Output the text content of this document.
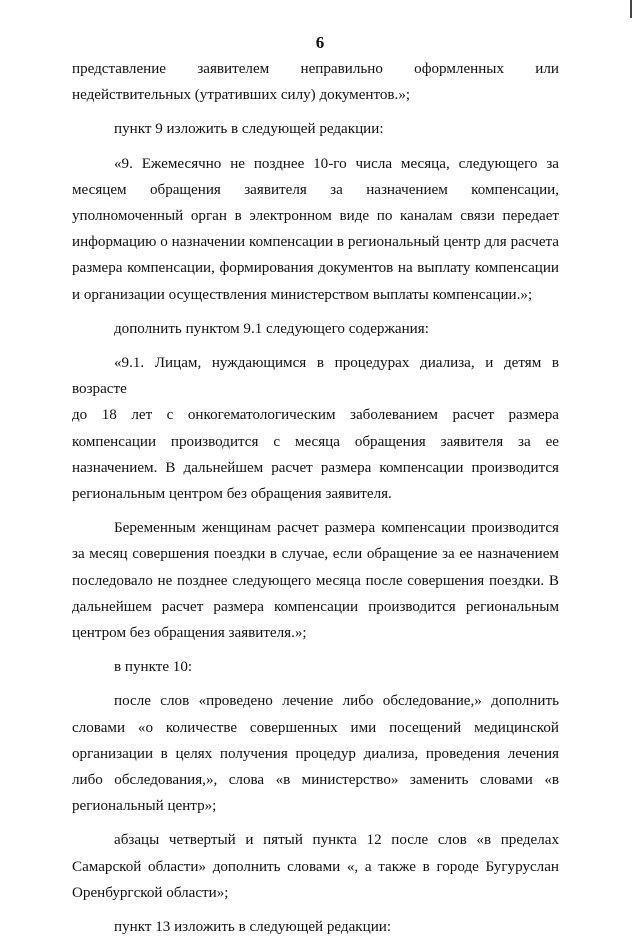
6
представление заявителем неправильно оформленных или
недействительных (утративших силу) документов.»;
пункт 9 изложить в следующей редакции:
«9. Ежемесячно не позднее 10-го числа месяца, следующего за
месяцем обращения заявителя за назначением компенсации,
уполномоченный орган в электронном виде по каналам связи передает
информацию о назначении компенсации в региональный центр для расчета
размера компенсации, формирования документов на выплату компенсации
и организации осуществления министерством выплаты компенсации.»;
дополнить пунктом 9.1 следующего содержания:
«9.1. Лицам, нуждающимся в процедурах диализа, и детям в возрасте
до 18 лет с онкогематологическим заболеванием расчет размера
компенсации производится с месяца обращения заявителя за ее
назначением. В дальнейшем расчет размера компенсации производится
региональным центром без обращения заявителя.
Беременным женщинам расчет размера компенсации производится
за месяц совершения поездки в случае, если обращение за ее назначением
последовало не позднее следующего месяца после совершения поездки. В
дальнейшем расчет размера компенсации производится региональным
центром без обращения заявителя.»;
в пункте 10:
после слов «проведено лечение либо обследование,» дополнить
словами «о количестве совершенных ими посещений медицинской
организации в целях получения процедур диализа, проведения лечения
либо обследования,», слова «в министерство» заменить словами «в
региональный центр»;
абзацы четвертый и пятый пункта 12 после слов «в пределах
Самарской области» дополнить словами «, а также в городе Бугуруслан
Оренбургской области»;
пункт 13 изложить в следующей редакции:
